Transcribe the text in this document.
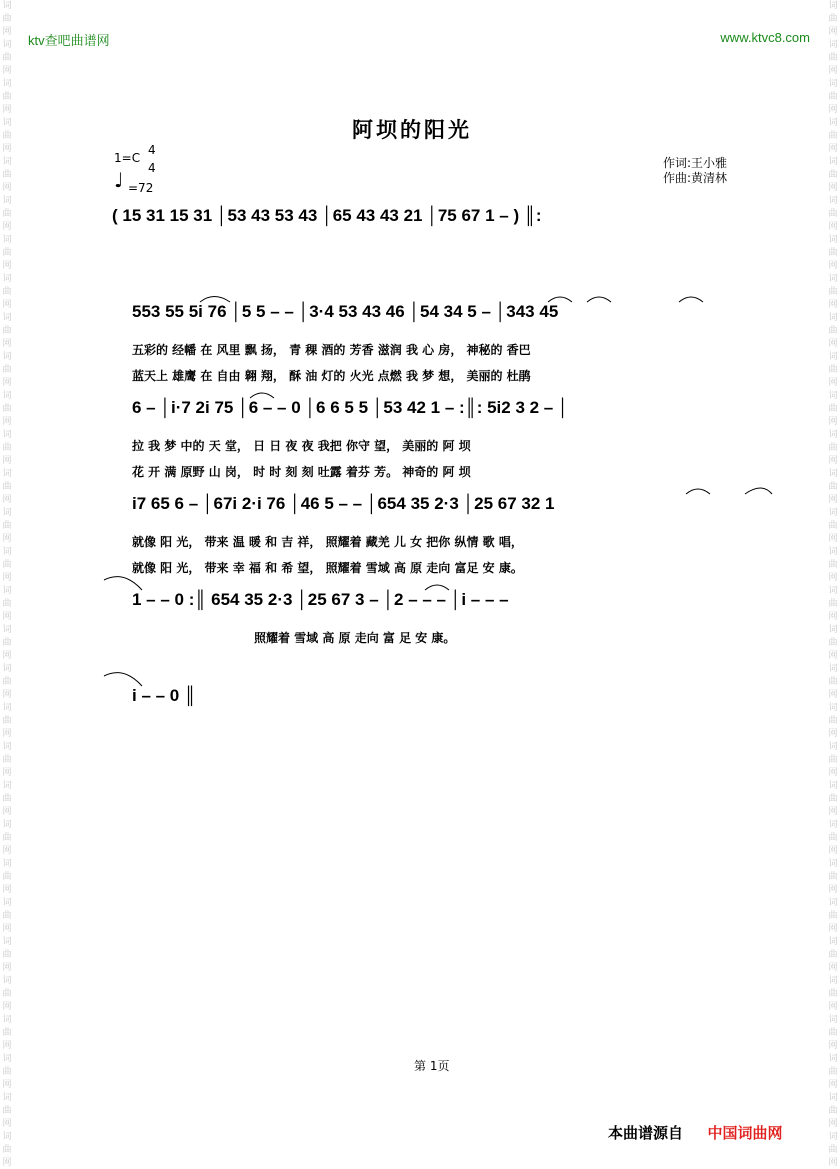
词
曲
网
词
曲
网
词
曲
网
词
曲
网
词
曲
网
词
曲
网
词
曲
网
词
曲
网
词
曲
网
词
曲
网
词
曲
网
词
曲
网
词
曲
网
词
曲
网
词
曲
网
词
曲
网
词
曲
网
词
曲
网
词
曲
网
词
曲
网
词
曲
网
词
曲
网
词
曲
网
词
曲
网
词
曲
网
词
曲
网
词
曲
网
词
曲
网
词
曲
网
词
曲
网
词
曲
网
词
曲
网
词
曲
网
词
曲
网
词
曲
网
词
曲
网
词
曲
网
词
曲
网
词
曲
网
词
曲
网
词
曲
网
词
曲
网
词
曲
网
词
曲
网
词
曲
网
词
曲
网
词
曲
网
词
曲
网
词
曲
网
词
曲
网
词
曲
网
词
曲
网
词
曲
网
词
曲
网
词
曲
网
词
曲
网
词
曲
网
词
曲
网
词
曲
网
词
曲
网
ktv查吧曲谱网	www.ktvc8.com
阿坝的阳光
1=C
4
4
♩ =72
作词:王小雅
作曲:黄清林
( 15 31 15 31 │53 43 53 43 │65 43 43 21 │75 67 1 – ) ║:
553 55 5i 76 │5 5 – – │3·4 53 43 46 │54 34 5 – │343 45
五彩的 经幡 在 风里 飘 扬， 青 稞 酒的 芳香 滋润 我 心 房， 神秘的 香巴
蓝天上 雄鹰 在 自由 翱 翔， 酥 油 灯的 火光 点燃 我 梦 想， 美丽的 杜鹃
6 – │i·7 2i 75 │6 – – 0 │6 6 5 5 │53 42 1 – :║: 5i2 3 2 – │
拉 我 梦 中的 天 堂， 日 日 夜 夜 我把 你守 望， 美丽的 阿 坝
花 开 满 原野 山 岗， 时 时 刻 刻 吐露 着芬 芳。 神奇的 阿 坝
i7 65 6 – │67i 2·i 76 │46 5 – – │654 35 2·3 │25 67 32 1
就像 阳 光， 带来 温 暖 和 吉 祥， 照耀着 藏羌 儿 女 把你 纵情 歌 唱，
就像 阳 光， 带来 幸 福 和 希 望， 照耀着 雪域 高 原 走向 富足 安 康。
1 – – 0 :║ 654 35 2·3 │25 67 3 – │2 – – – │i – – –
照耀着 雪域 高 原 走向 富 足 安 康。
i – – 0 ║
第 1页
本曲谱源自 中国词曲网
